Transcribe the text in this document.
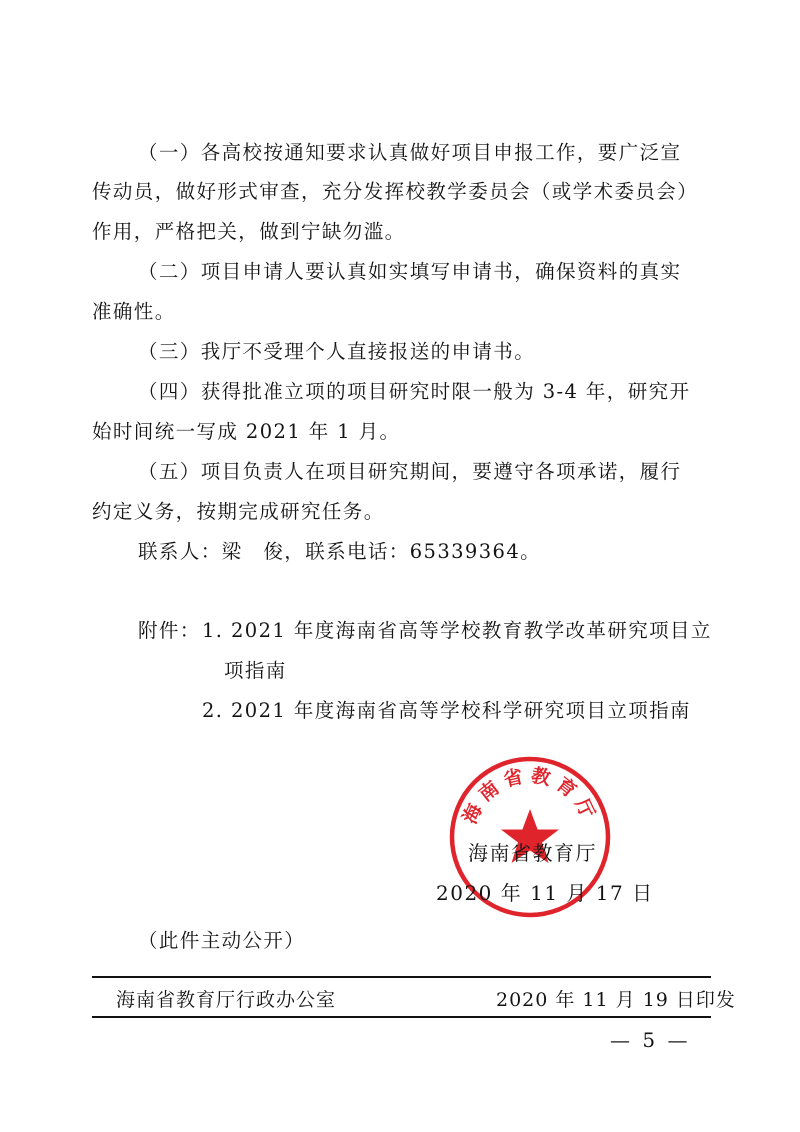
（一）各高校按通知要求认真做好项目申报工作，要广泛宣
传动员，做好形式审查，充分发挥校教学委员会（或学术委员会）
作用，严格把关，做到宁缺勿滥。
（二）项目申请人要认真如实填写申请书，确保资料的真实
准确性。
（三）我厅不受理个人直接报送的申请书。
（四）获得批准立项的项目研究时限一般为 3-4 年，研究开
始时间统一写成 2021 年 1 月。
（五）项目负责人在项目研究期间，要遵守各项承诺，履行
约定义务，按期完成研究任务。
联系人：梁　俊，联系电话：65339364。
附件： 1. 2021 年度海南省高等学校教育教学改革研究项目立
项指南
2. 2021 年度海南省高等学校科学研究项目立项指南
海南省教育厅
海南省教育厅
2020 年 11 月 17 日
（此件主动公开）
海南省教育厅行政办公室	2020 年 11 月 19 日印发
— 5 —
